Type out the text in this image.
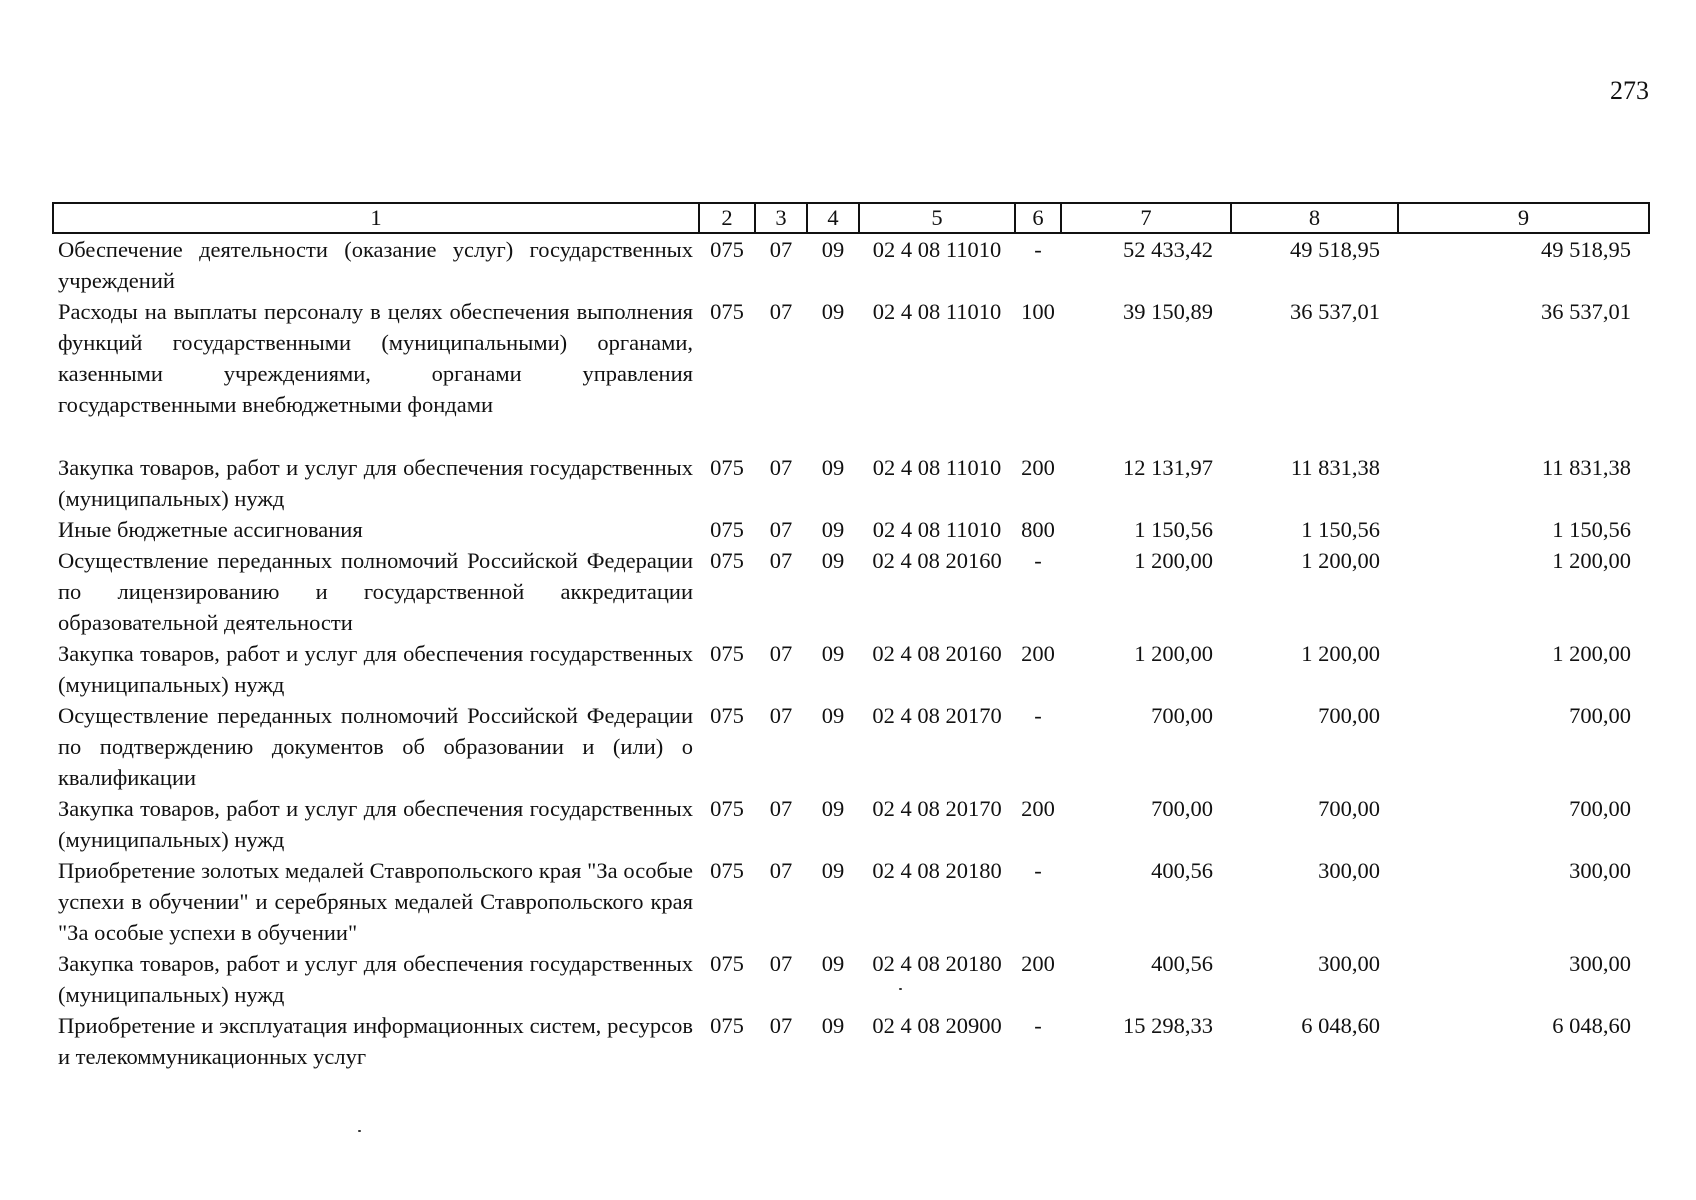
273
1	2	3	4	5	6	7	8	9
Обеспечение деятельности (оказание услуг) государственных учреждений	075	07	09	02 4 08 11010	-	52 433,42	49 518,95	49 518,95
Расходы на выплаты персоналу в целях обеспечения выполнения функций государственными (муниципальными) органами, казенными учреждениями, органами управления государственными внебюджетными фондами	075	07	09	02 4 08 11010	100	39 150,89	36 537,01	36 537,01

Закупка товаров, работ и услуг для обеспечения государственных (муниципальных) нужд	075	07	09	02 4 08 11010	200	12 131,97	11 831,38	11 831,38
Иные бюджетные ассигнования	075	07	09	02 4 08 11010	800	1 150,56	1 150,56	1 150,56
Осуществление переданных полномочий Российской Федерации по лицензированию и государственной аккредитации образовательной деятельности	075	07	09	02 4 08 20160	-	1 200,00	1 200,00	1 200,00
Закупка товаров, работ и услуг для обеспечения государственных (муниципальных) нужд	075	07	09	02 4 08 20160	200	1 200,00	1 200,00	1 200,00
Осуществление переданных полномочий Российской Федерации по подтверждению документов об образовании и (или) о квалификации	075	07	09	02 4 08 20170	-	700,00	700,00	700,00
Закупка товаров, работ и услуг для обеспечения государственных (муниципальных) нужд	075	07	09	02 4 08 20170	200	700,00	700,00	700,00
Приобретение золотых медалей Ставропольского края "За особые успехи в обучении" и серебряных медалей Ставропольского края "За особые успехи в обучении"	075	07	09	02 4 08 20180	-	400,56	300,00	300,00
Закупка товаров, работ и услуг для обеспечения государственных (муниципальных) нужд	075	07	09	02 4 08 20180	200	400,56	300,00	300,00
Приобретение и эксплуатация информационных систем, ресурсов и телекоммуникационных услуг	075	07	09	02 4 08 20900	-	15 298,33	6 048,60	6 048,60
